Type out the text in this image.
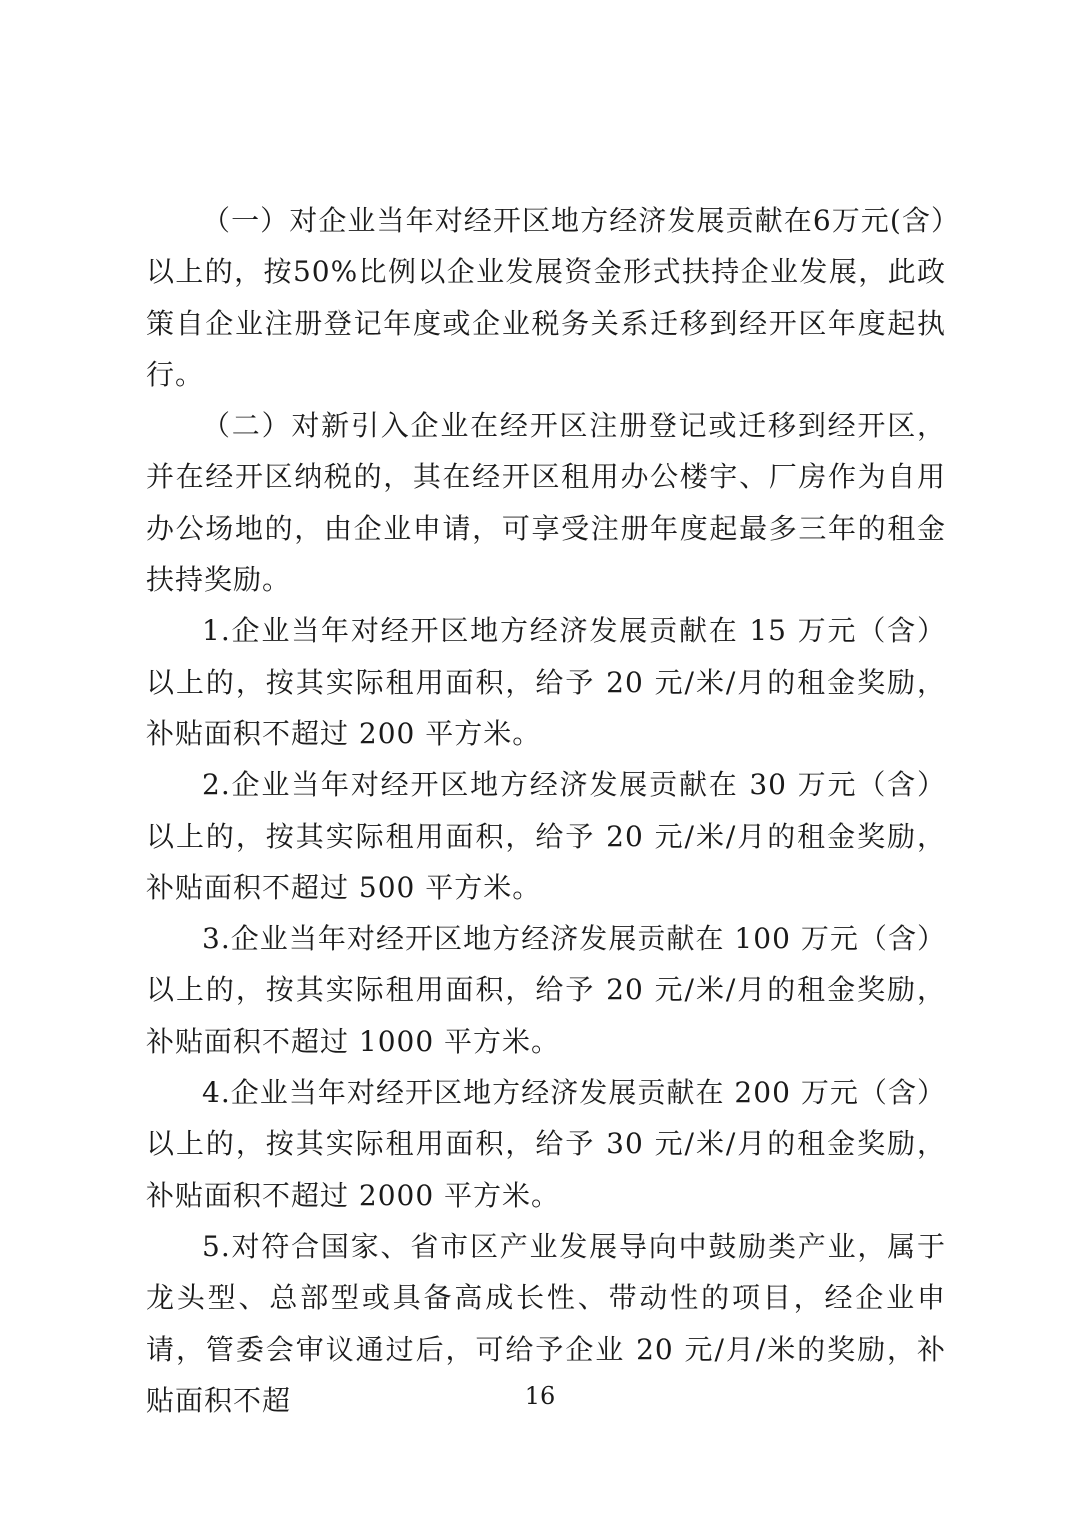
（一）对企业当年对经开区地方经济发展贡献在6万元(含）以上的，按50%比例以企业发展资金形式扶持企业发展，此政策自企业注册登记年度或企业税务关系迁移到经开区年度起执行。

（二）对新引入企业在经开区注册登记或迁移到经开区，并在经开区纳税的，其在经开区租用办公楼宇、厂房作为自用办公场地的，由企业申请，可享受注册年度起最多三年的租金扶持奖励。

1.企业当年对经开区地方经济发展贡献在 15 万元（含）以上的，按其实际租用面积，给予 20 元/米/月的租金奖励，补贴面积不超过 200 平方米。

2.企业当年对经开区地方经济发展贡献在 30 万元（含）以上的，按其实际租用面积，给予 20 元/米/月的租金奖励，补贴面积不超过 500 平方米。

3.企业当年对经开区地方经济发展贡献在 100 万元（含）以上的，按其实际租用面积，给予 20 元/米/月的租金奖励，补贴面积不超过 1000 平方米。

4.企业当年对经开区地方经济发展贡献在 200 万元（含）以上的，按其实际租用面积，给予 30 元/米/月的租金奖励，补贴面积不超过 2000 平方米。

5.对符合国家、省市区产业发展导向中鼓励类产业，属于龙头型、总部型或具备高成长性、带动性的项目，经企业申请，管委会审议通过后，可给予企业 20 元/月/米的奖励，补贴面积不超	16
